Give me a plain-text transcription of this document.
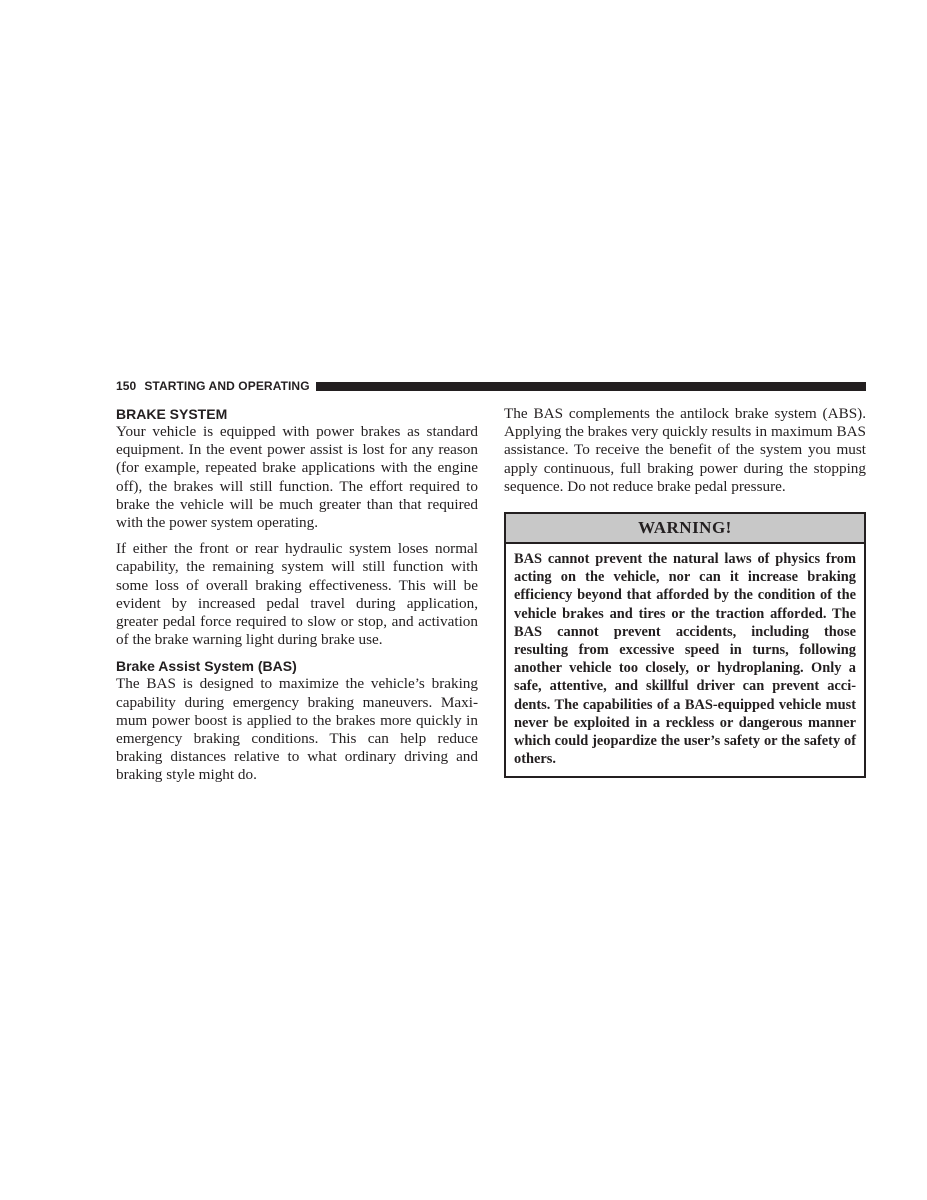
150 STARTING AND OPERATING
BRAKE SYSTEM

Your vehicle is equipped with power brakes as standard equipment. In the event power assist is lost for any reason (for example, repeated brake applications with the engine off), the brakes will still function. The effort required to brake the vehicle will be much greater than that required with the power system operating.

If either the front or rear hydraulic system loses normal capability, the remaining system will still function with some loss of overall braking effectiveness. This will be evident by increased pedal travel during application, greater pedal force required to slow or stop, and activation of the brake warning light during brake use.

Brake Assist System (BAS)

The BAS is designed to maximize the vehicle’s braking capability during emergency braking maneuvers. Maximum power boost is applied to the brakes more quickly in emergency braking conditions. This can help reduce braking distances relative to what ordinary driving and braking style might do.

The BAS complements the antilock brake system (ABS). Applying the brakes very quickly results in maximum BAS assistance. To receive the benefit of the system you must apply continuous, full braking power during the stopping sequence. Do not reduce brake pedal pressure.

WARNING!
BAS cannot prevent the natural laws of physics from acting on the vehicle, nor can it increase braking efficiency beyond that afforded by the condition of the vehicle brakes and tires or the traction afforded. The BAS cannot prevent accidents, including those resulting from excessive speed in turns, following another vehicle too closely, or hydroplaning. Only a safe, attentive, and skillful driver can prevent accidents. The capabilities of a BAS-equipped vehicle must never be exploited in a reckless or dangerous manner which could jeopardize the user’s safety or the safety of others.
